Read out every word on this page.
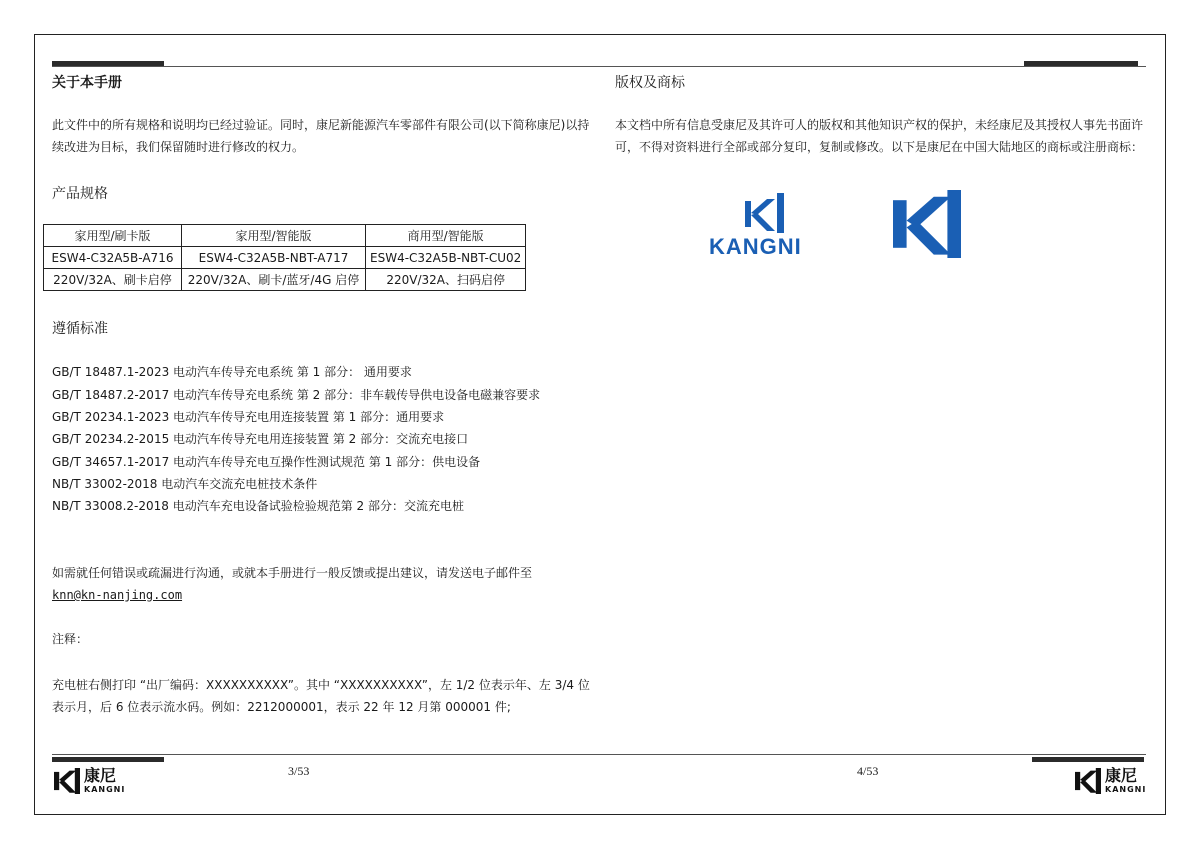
关于本手册
此文件中的所有规格和说明均已经过验证。同时，康尼新能源汽车零部件有限公司(以下简称康尼)以持续改进为目标，我们保留随时进行修改的权力。
产品规格
家用型/刷卡版	家用型/智能版	商用型/智能版
ESW4-C32A5B-A716	ESW4-C32A5B-NBT-A717	ESW4-C32A5B-NBT-CU02
220V/32A、刷卡启停	220V/32A、刷卡/蓝牙/4G 启停	220V/32A、扫码启停
遵循标准
GB/T 18487.1-2023 电动汽车传导充电系统 第 1 部分： 通用要求
GB/T 18487.2-2017 电动汽车传导充电系统 第 2 部分：非车载传导供电设备电磁兼容要求
GB/T 20234.1-2023 电动汽车传导充电用连接装置 第 1 部分：通用要求
GB/T 20234.2-2015 电动汽车传导充电用连接装置 第 2 部分：交流充电接口
GB/T 34657.1-2017 电动汽车传导充电互操作性测试规范 第 1 部分：供电设备
NB/T 33002-2018 电动汽车交流充电桩技术条件
NB/T 33008.2-2018 电动汽车充电设备试验检验规范第 2 部分：交流充电桩
如需就任何错误或疏漏进行沟通，或就本手册进行一般反馈或提出建议，请发送电子邮件至
knn@kn-nanjing.com
注释：
充电桩右侧打印 “出厂编码：XXXXXXXXXX”。其中 “XXXXXXXXXX”，左 1/2 位表示年、左 3/4 位
表示月，后 6 位表示流水码。例如：2212000001，表示 22 年 12 月第 000001 件;
版权及商标
本文档中所有信息受康尼及其许可人的版权和其他知识产权的保护，未经康尼及其授权人事先书面许可，不得对资料进行全部或部分复印，复制或修改。以下是康尼在中国大陆地区的商标或注册商标：
KANGNI
康尼
KANGNI
3/53	4/53	康尼
KANGNI
